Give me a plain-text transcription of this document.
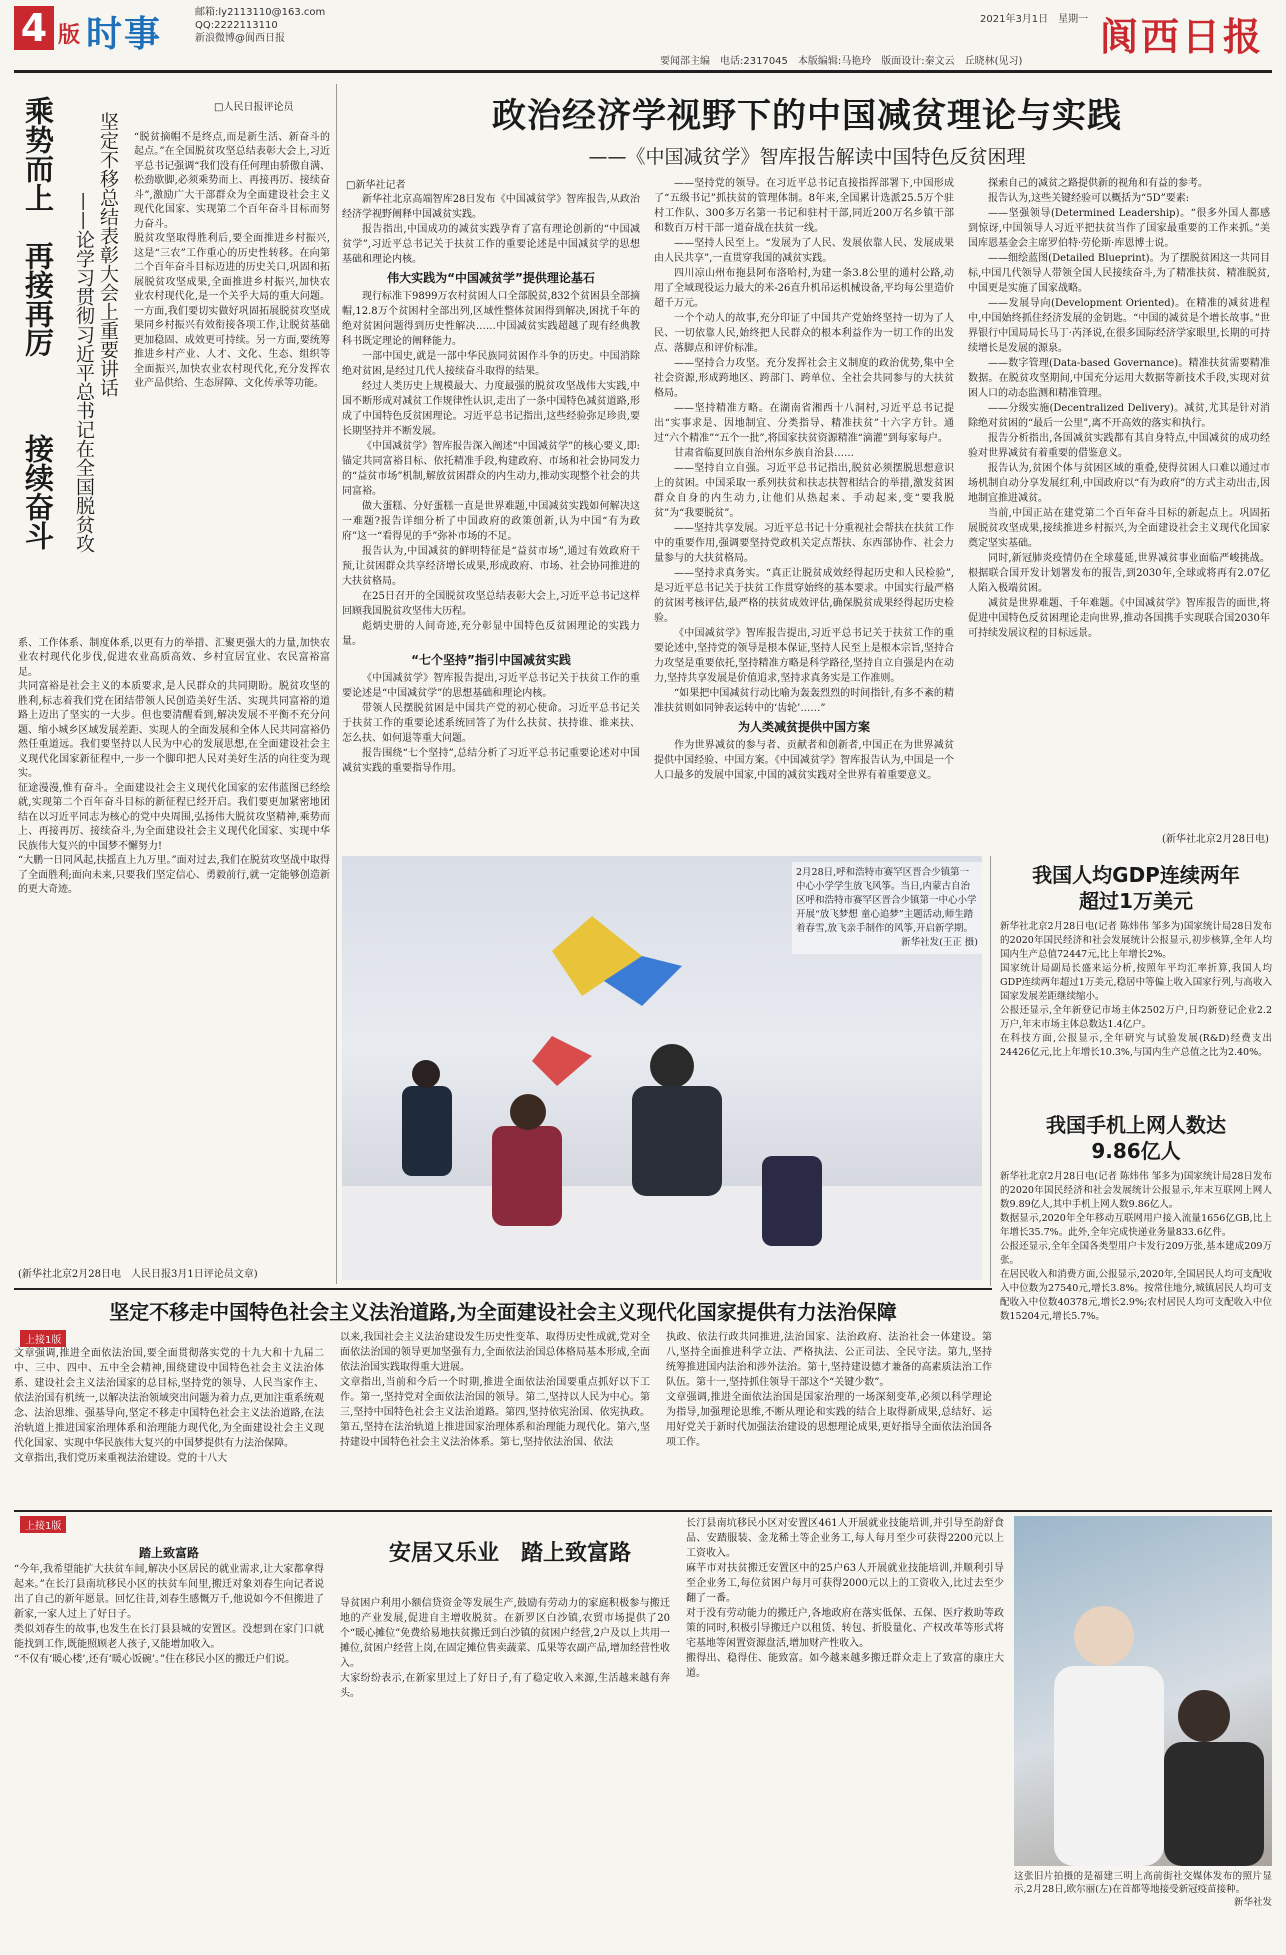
4 版 时事
邮箱:ly2113110@163.com
QQ:2222113110
新浪微博@阆西日报
要闻部主编　电话:2317045　本版编辑:马艳玲　版面设计:秦文云　丘晓林(见习)
2021年3月1日　星期一 阆西日报
乘势而上　再接再厉
接续奋斗
坚定不移总结表彰大会上重要讲话
——论学习贯彻习近平总书记在全国脱贫攻
□人民日报评论员

“脱贫摘帽不是终点,而是新生活、新奋斗的起点。”在全国脱贫攻坚总结表彰大会上,习近平总书记强调“我们没有任何理由骄傲自满、松劲歇脚,必须乘势而上、再接再厉、接续奋斗”,激励广大干部群众为全面建设社会主义现代化国家、实现第二个百年奋斗目标而努力奋斗。
脱贫攻坚取得胜利后,要全面推进乡村振兴,这是“三农”工作重心的历史性转移。在向第二个百年奋斗目标迈进的历史关口,巩固和拓展脱贫攻坚成果,全面推进乡村振兴,加快农业农村现代化,是一个关乎大局的重大问题。一方面,我们要切实做好巩固拓展脱贫攻坚成果同乡村振兴有效衔接各项工作,让脱贫基础更加稳固、成效更可持续。另一方面,要统筹推进乡村产业、人才、文化、生态、组织等全面振兴,加快农业农村现代化,充分发挥农业产品供给、生态屏障、文化传承等功能。

系、工作体系、制度体系,以更有力的举措、汇聚更强大的力量,加快农业农村现代化步伐,促进农业高质高效、乡村宜居宜业、农民富裕富足。
共同富裕是社会主义的本质要求,是人民群众的共同期盼。脱贫攻坚的胜利,标志着我们党在团结带领人民创造美好生活、实现共同富裕的道路上迈出了坚实的一大步。但也要清醒看到,解决发展不平衡不充分问题、缩小城乡区域发展差距、实现人的全面发展和全体人民共同富裕仍然任重道远。我们要坚持以人民为中心的发展思想,在全面建设社会主义现代化国家新征程中,一步一个脚印把人民对美好生活的向往变为现实。
征途漫漫,惟有奋斗。全面建设社会主义现代化国家的宏伟蓝图已经绘就,实现第二个百年奋斗目标的新征程已经开启。我们要更加紧密地团结在以习近平同志为核心的党中央周围,弘扬伟大脱贫攻坚精神,乘势而上、再接再厉、接续奋斗,为全面建设社会主义现代化国家、实现中华民族伟大复兴的中国梦不懈努力!
“大鹏一日同风起,扶摇直上九万里。”面对过去,我们在脱贫攻坚战中取得了全面胜利;面向未来,只要我们坚定信心、勇毅前行,就一定能够创造新的更大奇迹。

(新华社北京2月28日电　人民日报3月1日评论员文章)
政治经济学视野下的中国减贫理论与实践
——《中国减贫学》智库报告解读中国特色反贫困理
□新华社记者

新华社北京高端智库28日发布《中国减贫学》智库报告,从政治经济学视野阐释中国减贫实践。

报告指出,中国成功的减贫实践孕育了富有理论创新的“中国减贫学”,习近平总书记关于扶贫工作的重要论述是中国减贫学的思想基础和理论内核。

伟大实践为“中国减贫学”提供理论基石

现行标准下9899万农村贫困人口全部脱贫,832个贫困县全部摘帽,12.8万个贫困村全部出列,区域性整体贫困得到解决,困扰千年的绝对贫困问题得到历史性解决……中国减贫实践超越了现有经典教科书既定理论的阐释能力。

一部中国史,就是一部中华民族同贫困作斗争的历史。中国消除绝对贫困,是经过几代人接续奋斗取得的结果。

经过人类历史上规模最大、力度最强的脱贫攻坚战伟大实践,中国不断形成对减贫工作规律性认识,走出了一条中国特色减贫道路,形成了中国特色反贫困理论。习近平总书记指出,这些经验弥足珍贵,要长期坚持并不断发展。

《中国减贫学》智库报告深入阐述“中国减贫学”的核心要义,即:锚定共同富裕目标、依托精准手段,构建政府、市场和社会协同发力的“益贫市场”机制,解放贫困群众的内生动力,推动实现整个社会的共同富裕。

做大蛋糕、分好蛋糕一直是世界难题,中国减贫实践如何解决这一难题?报告详细分析了中国政府的政策创新,认为中国“有为政府”这一“看得见的手”弥补市场的不足。

报告认为,中国减贫的鲜明特征是“益贫市场”,通过有效政府干预,让贫困群众共享经济增长成果,形成政府、市场、社会协同推进的大扶贫格局。

在25日召开的全国脱贫攻坚总结表彰大会上,习近平总书记这样回顾我国脱贫攻坚伟大历程。

彪炳史册的人间奇迹,充分彰显中国特色反贫困理论的实践力量。

“七个坚持”指引中国减贫实践

《中国减贫学》智库报告提出,习近平总书记关于扶贫工作的重要论述是“中国减贫学”的思想基础和理论内核。

带领人民摆脱贫困是中国共产党的初心使命。习近平总书记关于扶贫工作的重要论述系统回答了为什么扶贫、扶持谁、谁来扶、怎么扶、如何退等重大问题。

报告围绕“七个坚持”,总结分析了习近平总书记重要论述对中国减贫实践的重要指导作用。

——坚持党的领导。在习近平总书记直接指挥部署下,中国形成了“五级书记”抓扶贫的管理体制。8年来,全国累计选派25.5万个驻村工作队、300多万名第一书记和驻村干部,同近200万名乡镇干部和数百万村干部一道奋战在扶贫一线。

——坚持人民至上。“发展为了人民、发展依靠人民、发展成果由人民共享”,一直贯穿我国的减贫实践。

四川凉山州布拖县阿布洛哈村,为建一条3.8公里的通村公路,动用了全域现役运力最大的米-26直升机吊运机械设备,平均每公里造价超千万元。

一个个动人的故事,充分印证了中国共产党始终坚持一切为了人民、一切依靠人民,始终把人民群众的根本利益作为一切工作的出发点、落脚点和评价标准。

——坚持合力攻坚。充分发挥社会主义制度的政治优势,集中全社会资源,形成跨地区、跨部门、跨单位、全社会共同参与的大扶贫格局。

——坚持精准方略。在湖南省湘西十八洞村,习近平总书记提出“实事求是、因地制宜、分类指导、精准扶贫”十六字方针。通过“六个精准”“五个一批”,将国家扶贫资源精准“滴灌”到每家每户。

甘肃省临夏回族自治州东乡族自治县……

——坚持自立自强。习近平总书记指出,脱贫必须摆脱思想意识上的贫困。中国采取一系列扶贫和扶志扶智相结合的举措,激发贫困群众自身的内生动力,让他们从热起来、手动起来,变“要我脱贫”为“我要脱贫”。

——坚持共享发展。习近平总书记十分重视社会帮扶在扶贫工作中的重要作用,强调要坚持党政机关定点帮扶、东西部协作、社会力量参与的大扶贫格局。

——坚持求真务实。“真正让脱贫成效经得起历史和人民检验”,是习近平总书记关于扶贫工作贯穿始终的基本要求。中国实行最严格的贫困考核评估,最严格的扶贫成效评估,确保脱贫成果经得起历史检验。

《中国减贫学》智库报告提出,习近平总书记关于扶贫工作的重要论述中,坚持党的领导是根本保证,坚持人民至上是根本宗旨,坚持合力攻坚是重要依托,坚持精准方略是科学路径,坚持自立自强是内在动力,坚持共享发展是价值追求,坚持求真务实是工作准则。

“如果把中国减贫行动比喻为轰轰烈烈的时间指针,有多不紊的精准扶贫则如同钟表运转中的‘齿轮’……”

为人类减贫提供中国方案

作为世界减贫的参与者、贡献者和创新者,中国正在为世界减贫提供中国经验、中国方案。《中国减贫学》智库报告认为,中国是一个人口最多的发展中国家,中国的减贫实践对全世界有着重要意义。

探索自己的减贫之路提供新的视角和有益的参考。

报告认为,这些关键经验可以概括为“5D”要素:

——坚强领导(Determined Leadership)。“很多外国人都感到惊讶,中国领导人习近平把扶贫当作了国家最重要的工作来抓。”美国库恩基金会主席罗伯特·劳伦斯·库恩博士说。

——细绘蓝图(Detailed Blueprint)。为了摆脱贫困这一共同目标,中国几代领导人带领全国人民接续奋斗,为了精准扶贫、精准脱贫,中国更是实施了国家战略。

——发展导向(Development Oriented)。在精准的减贫进程中,中国始终抓住经济发展的金钥匙。“中国的减贫是个增长故事。”世界银行中国局局长马丁·芮泽说,在很多国际经济学家眼里,长期的可持续增长是发展的源泉。

——数字管理(Data-based Governance)。精准扶贫需要精准数据。在脱贫攻坚期间,中国充分运用大数据等新技术手段,实现对贫困人口的动态监测和精准管理。

——分级实施(Decentralized Delivery)。减贫,尤其是针对消除绝对贫困的“最后一公里”,离不开高效的落实和执行。

报告分析指出,各国减贫实践都有其自身特点,中国减贫的成功经验对世界减贫有着重要的借鉴意义。

报告认为,贫困个体与贫困区域的重叠,使得贫困人口难以通过市场机制自动分享发展红利,中国政府以“有为政府”的方式主动出击,因地制宜推进减贫。

当前,中国正站在建党第二个百年奋斗目标的新起点上。巩固拓展脱贫攻坚成果,接续推进乡村振兴,为全面建设社会主义现代化国家奠定坚实基础。

同时,新冠肺炎疫情仍在全球蔓延,世界减贫事业面临严峻挑战。根据联合国开发计划署发布的报告,到2030年,全球或将再有2.07亿人陷入极端贫困。

减贫是世界难题、千年难题。《中国减贫学》智库报告的面世,将促进中国特色反贫困理论走向世界,推动各国携手实现联合国2030年可持续发展议程的目标远景。

(新华社北京2月28日电)
2月28日,呼和浩特市赛罕区晋合少镇第一中心小学学生放飞风筝。当日,内蒙古自治区呼和浩特市赛罕区晋合少镇第一中心小学开展“放飞梦想 童心追梦”主题活动,师生踏着春雪,放飞亲手制作的风筝,开启新学期。
新华社发(王正 摄)
我国人均GDP连续两年超过1万美元
新华社北京2月28日电(记者 陈炜伟 邹多为)国家统计局28日发布的2020年国民经济和社会发展统计公报显示,初步核算,全年人均国内生产总值72447元,比上年增长2%。
国家统计局副局长盛来运分析,按照年平均汇率折算,我国人均GDP连续两年超过1万美元,稳居中等偏上收入国家行列,与高收入国家发展差距继续缩小。
公报还显示,全年新登记市场主体2502万户,日均新登记企业2.2万户,年末市场主体总数达1.4亿户。
在科技方面,公报显示,全年研究与试验发展(R&D)经费支出24426亿元,比上年增长10.3%,与国内生产总值之比为2.40%。
我国手机上网人数达9.86亿人
新华社北京2月28日电(记者 陈炜伟 邹多为)国家统计局28日发布的2020年国民经济和社会发展统计公报显示,年末互联网上网人数9.89亿人,其中手机上网人数9.86亿人。
数据显示,2020年全年移动互联网用户接入流量1656亿GB,比上年增长35.7%。此外,全年完成快递业务量833.6亿件。
公报还显示,全年全国各类型用户卡发行209万张,基本建成209万张。
在居民收入和消费方面,公报显示,2020年,全国居民人均可支配收入中位数为27540元,增长3.8%。按常住地分,城镇居民人均可支配收入中位数40378元,增长2.9%;农村居民人均可支配收入中位数15204元,增长5.7%。
坚定不移走中国特色社会主义法治道路,为全面建设社会主义现代化国家提供有力法治保障
上接1版
文章强调,推进全面依法治国,要全面贯彻落实党的十九大和十九届二中、三中、四中、五中全会精神,围绕建设中国特色社会主义法治体系、建设社会主义法治国家的总目标,坚持党的领导、人民当家作主、依法治国有机统一,以解决法治领域突出问题为着力点,更加注重系统观念、法治思维、强基导向,坚定不移走中国特色社会主义法治道路,在法治轨道上推进国家治理体系和治理能力现代化,为全面建设社会主义现代化国家、实现中华民族伟大复兴的中国梦提供有力法治保障。
文章指出,我们党历来重视法治建设。党的十八大
以来,我国社会主义法治建设发生历史性变革、取得历史性成就,党对全面依法治国的领导更加坚强有力,全面依法治国总体格局基本形成,全面依法治国实践取得重大进展。
文章指出,当前和今后一个时期,推进全面依法治国要重点抓好以下工作。第一,坚持党对全面依法治国的领导。第二,坚持以人民为中心。第三,坚持中国特色社会主义法治道路。第四,坚持依宪治国、依宪执政。第五,坚持在法治轨道上推进国家治理体系和治理能力现代化。第六,坚持建设中国特色社会主义法治体系。第七,坚持依法治国、依法
执政、依法行政共同推进,法治国家、法治政府、法治社会一体建设。第八,坚持全面推进科学立法、严格执法、公正司法、全民守法。第九,坚持统筹推进国内法治和涉外法治。第十,坚持建设德才兼备的高素质法治工作队伍。第十一,坚持抓住领导干部这个“关键少数”。
文章强调,推进全面依法治国是国家治理的一场深刻变革,必须以科学理论为指导,加强理论思维,不断从理论和实践的结合上取得新成果,总结好、运用好党关于新时代加强法治建设的思想理论成果,更好指导全面依法治国各项工作。
上接1版
踏上致富路
“今年,我希望能扩大扶贫车间,解决小区居民的就业需求,让大家都拿得起来。”在长汀县南坑移民小区的扶贫车间里,搬迁对象刘春生向记者说出了自己的新年愿景。回忆往昔,刘春生感慨万千,他说如今不但搬进了新家,一家人过上了好日子。
类似刘春生的故事,也发生在长汀县县城的安置区。没想到在家门口就能找到工作,既能照顾老人孩子,又能增加收入。
“不仅有‘暖心楼’,还有‘暖心饭碗’。”住在移民小区的搬迁户们说。
安居又乐业　踏上致富路
导贫困户利用小额信贷资金等发展生产,鼓励有劳动力的家庭积极参与搬迁地的产业发展,促进自主增收脱贫。在新罗区白沙镇,农贸市场提供了20个“暖心摊位”免费给易地扶贫搬迁到白沙镇的贫困户经营,2户及以上共用一摊位,贫困户经营上岗,在固定摊位售卖蔬菜、瓜果等农副产品,增加经营性收入。
大家纷纷表示,在新家里过上了好日子,有了稳定收入来源,生活越来越有奔头。
长汀县南坑移民小区对安置区461人开展就业技能培训,并引导至韵舒食品、安踏服装、金龙稀土等企业务工,每人每月至少可获得2200元以上工资收入。
麻芊市对扶贫搬迁安置区中的25户63人开展就业技能培训,并顺利引导至企业务工,每位贫困户每月可获得2000元以上的工资收入,比过去至少翻了一番。
对于没有劳动能力的搬迁户,各地政府在落实低保、五保、医疗救助等政策的同时,积极引导搬迁户以租赁、转包、折股量化、产权改革等形式将宅基地等闲置资源盘活,增加财产性收入。
搬得出、稳得住、能致富。如今越来越多搬迁群众走上了致富的康庄大道。
这张旧片拍摄的是福建三明上高前街社交媒体发布的照片显示,2月28日,欧尔丽(左)在首都等地接受新冠疫苗接种。
新华社发
